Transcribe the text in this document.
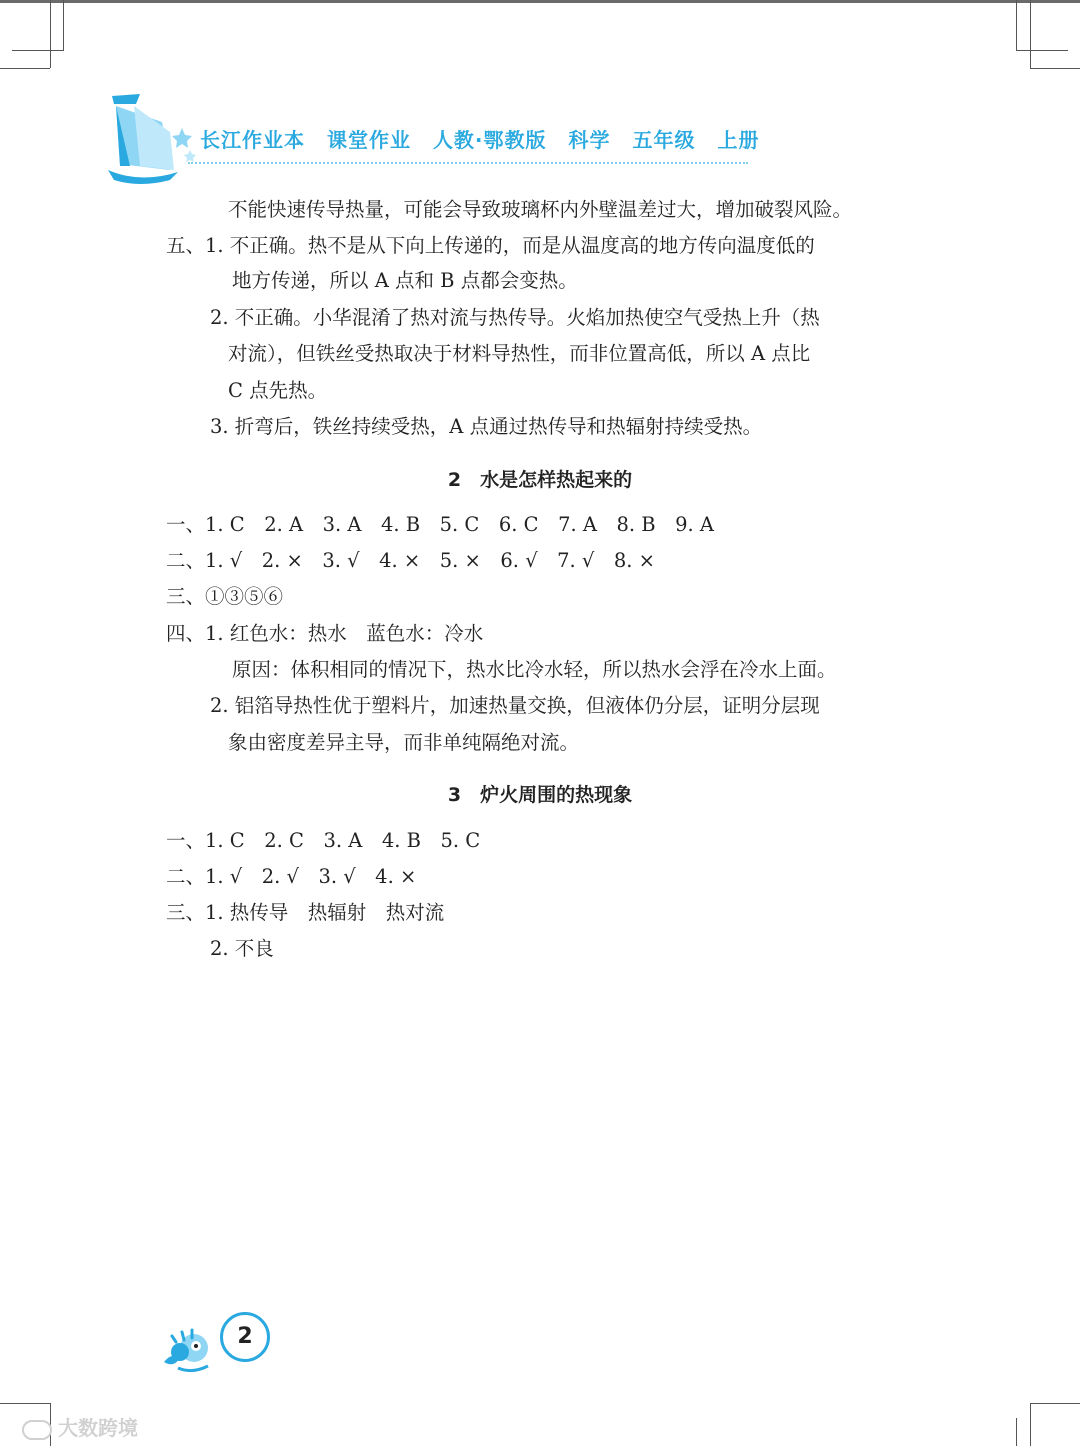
长江作业本 课堂作业 人教·鄂教版 科学 五年级 上册
不能快速传导热量，可能会导致玻璃杯内外壁温差过大，增加破裂风险。
五、1. 不正确。热不是从下向上传递的，而是从温度高的地方传向温度低的
地方传递，所以 A 点和 B 点都会变热。
2. 不正确。小华混淆了热对流与热传导。火焰加热使空气受热上升（热
对流），但铁丝受热取决于材料导热性，而非位置高低，所以 A 点比
C 点先热。
3. 折弯后，铁丝持续受热，A 点通过热传导和热辐射持续受热。
2　水是怎样热起来的
一、1. C　2. A　3. A　4. B　5. C　6. C　7. A　8. B　9. A
二、1. √　2. ×　3. √　4. ×　5. ×　6. √　7. √　8. ×
三、①③⑤⑥
四、1. 红色水：热水　蓝色水：冷水
原因：体积相同的情况下，热水比冷水轻，所以热水会浮在冷水上面。
2. 铝箔导热性优于塑料片，加速热量交换，但液体仍分层，证明分层现
象由密度差异主导，而非单纯隔绝对流。
3　炉火周围的热现象
一、1. C　2. C　3. A　4. B　5. C
二、1. √　2. √　3. √　4. ×
三、1. 热传导　热辐射　热对流
2. 不良
2
大数跨境
